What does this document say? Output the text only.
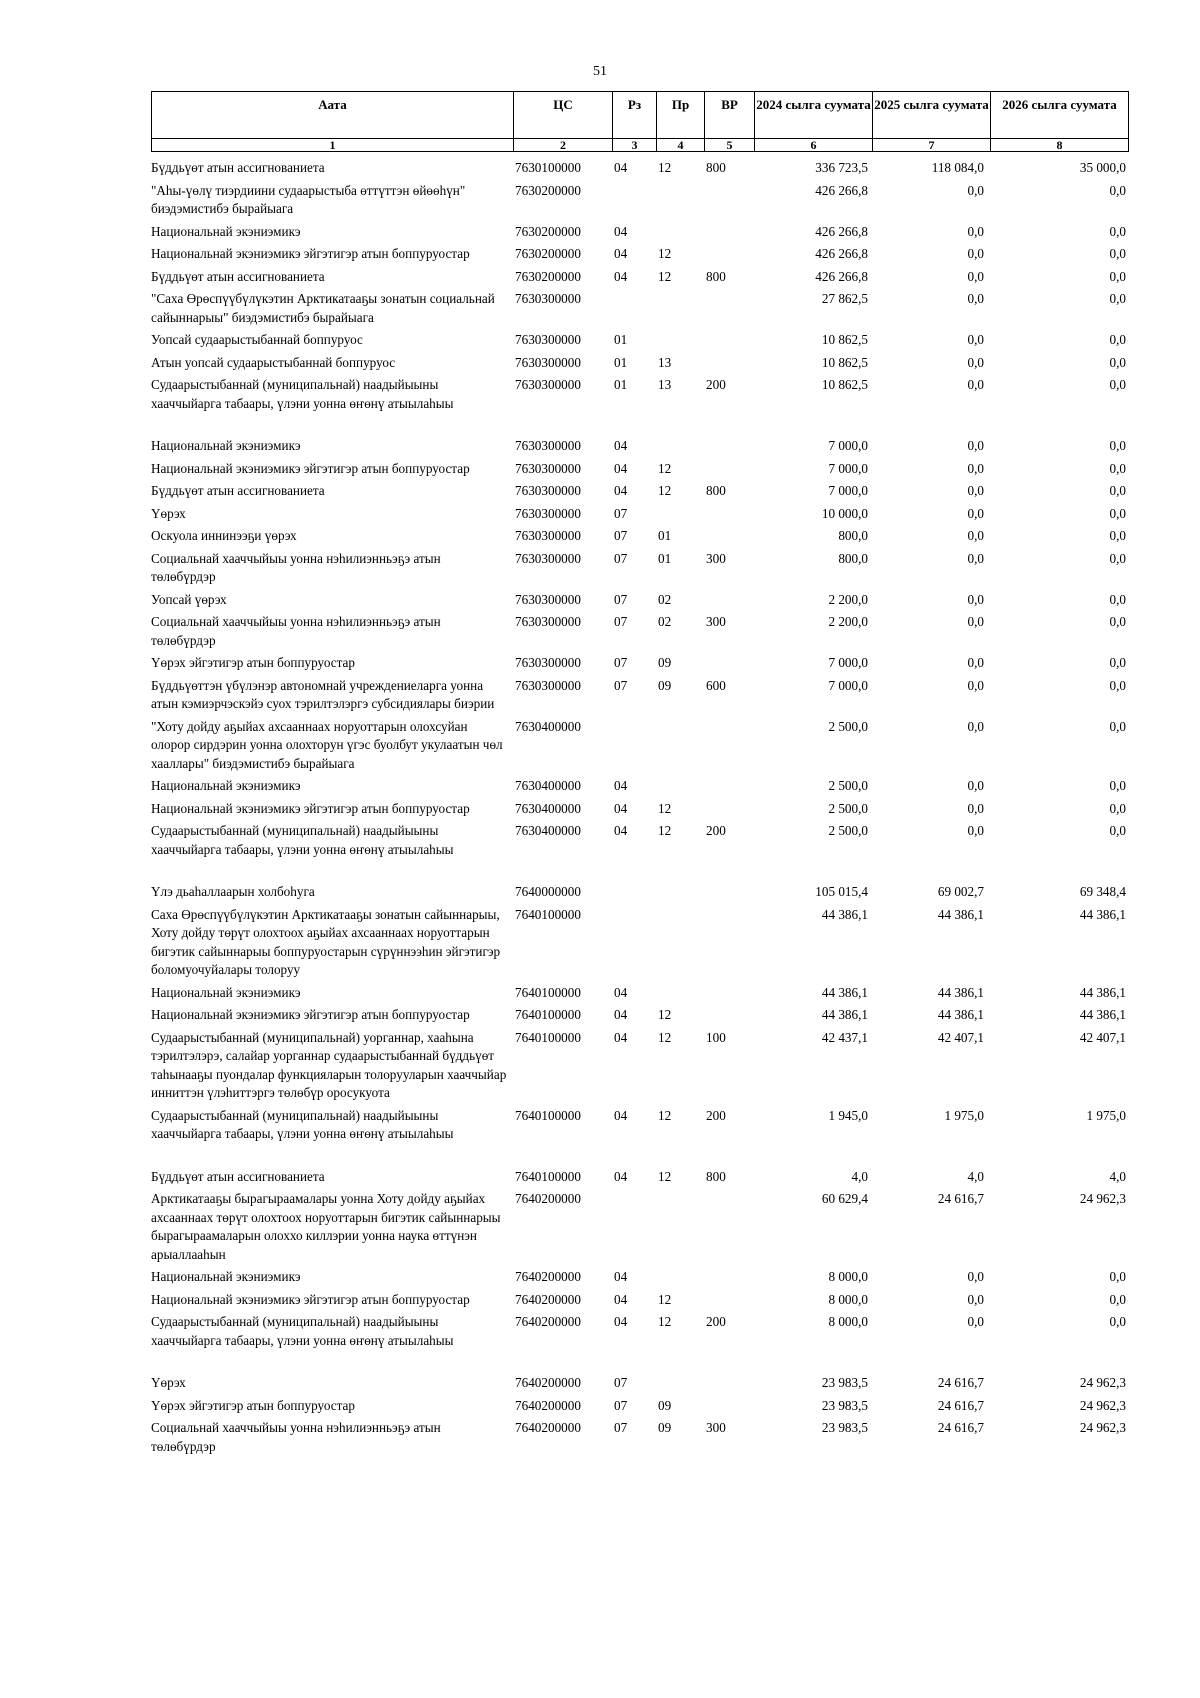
51
Аата	ЦС	Рз	Пр	ВР	2024 сылга суумата	2025 сылга суумата	2026 сылга суумата
1	2	3	4	5	6	7	8
Бүддьүөт атын ассигнованиета	7630100000	04	12	800	336 723,5	118 084,0	35 000,0
"Аһы-үөлү тиэрдиини судаарыстыба өттүттэн өйөөһүн" биэдэмистибэ бырайыага	7630200000				426 266,8	0,0	0,0
Национальнай экэниэмикэ	7630200000	04			426 266,8	0,0	0,0
Национальнай экэниэмикэ эйгэтигэр атын боппуруостар	7630200000	04	12		426 266,8	0,0	0,0
Бүддьүөт атын ассигнованиета	7630200000	04	12	800	426 266,8	0,0	0,0
"Саха Өрөспүүбүлүкэтин Арктикатааҕы зонатын социальнай сайыннарыы" биэдэмистибэ бырайыага	7630300000				27 862,5	0,0	0,0
Уопсай судаарыстыбаннай боппуруос	7630300000	01			10 862,5	0,0	0,0
Атын уопсай судаарыстыбаннай боппуруос	7630300000	01	13		10 862,5	0,0	0,0
Судаарыстыбаннай (муниципальнай) наадыйыыны хааччыйарга табаары, үлэни уонна өҥөнү атыылаһыы	7630300000	01	13	200	10 862,5	0,0	0,0
Национальнай экэниэмикэ	7630300000	04			7 000,0	0,0	0,0
Национальнай экэниэмикэ эйгэтигэр атын боппуруостар	7630300000	04	12		7 000,0	0,0	0,0
Бүддьүөт атын ассигнованиета	7630300000	04	12	800	7 000,0	0,0	0,0
Үөрэх	7630300000	07			10 000,0	0,0	0,0
Оскуола иннинээҕи үөрэх	7630300000	07	01		800,0	0,0	0,0
Социальнай хааччыйыы уонна нэһилиэнньэҕэ атын төлөбүрдэр	7630300000	07	01	300	800,0	0,0	0,0
Уопсай үөрэх	7630300000	07	02		2 200,0	0,0	0,0
Социальнай хааччыйыы уонна нэһилиэнньэҕэ атын төлөбүрдэр	7630300000	07	02	300	2 200,0	0,0	0,0
Үөрэх эйгэтигэр атын боппуруостар	7630300000	07	09		7 000,0	0,0	0,0
Бүддьүөттэн үбүлэнэр автономнай учреждениеларга уонна атын кэмиэрчэскэйэ суох тэрилтэлэргэ субсидиялары биэрии	7630300000	07	09	600	7 000,0	0,0	0,0
"Хоту дойду аҕыйах ахсааннаах норуоттарын олохсуйан олорор сирдэрин уонна олохторун үгэс буолбут укулаатын чөл хааллары" биэдэмистибэ бырайыага	7630400000				2 500,0	0,0	0,0
Национальнай экэниэмикэ	7630400000	04			2 500,0	0,0	0,0
Национальнай экэниэмикэ эйгэтигэр атын боппуруостар	7630400000	04	12		2 500,0	0,0	0,0
Судаарыстыбаннай (муниципальнай) наадыйыыны хааччыйарга табаары, үлэни уонна өҥөнү атыылаһыы	7630400000	04	12	200	2 500,0	0,0	0,0
Үлэ дьаһаллаарын холбоһуга	7640000000				105 015,4	69 002,7	69 348,4
Саха Өрөспүүбүлүкэтин Арктикатааҕы зонатын сайыннарыы, Хоту дойду төрүт олохтоох аҕыйах ахсааннаах норуоттарын бигэтик сайыннарыы боппуруостарын сүрүннээһин эйгэтигэр боломуочуйалары толоруу	7640100000				44 386,1	44 386,1	44 386,1
Национальнай экэниэмикэ	7640100000	04			44 386,1	44 386,1	44 386,1
Национальнай экэниэмикэ эйгэтигэр атын боппуруостар	7640100000	04	12		44 386,1	44 386,1	44 386,1
Судаарыстыбаннай (муниципальнай) уорганнар, хааһына тэрилтэлэрэ, салайар уорганнар судаарыстыбаннай бүддьүөт таһынааҕы пуондалар функцияларын толорууларын хааччыйар инниттэн үлэһиттэргэ төлөбүр оросукуота	7640100000	04	12	100	42 437,1	42 407,1	42 407,1
Судаарыстыбаннай (муниципальнай) наадыйыыны хааччыйарга табаары, үлэни уонна өҥөнү атыылаһыы	7640100000	04	12	200	1 945,0	1 975,0	1 975,0
Бүддьүөт атын ассигнованиета	7640100000	04	12	800	4,0	4,0	4,0
Арктикатааҕы бырагыраамалары уонна Хоту дойду аҕыйах ахсааннаах төрүт олохтоох норуоттарын бигэтик сайыннарыы бырагыраамаларын олоххо киллэрии уонна наука өттүнэн арыаллааһын	7640200000				60 629,4	24 616,7	24 962,3
Национальнай экэниэмикэ	7640200000	04			8 000,0	0,0	0,0
Национальнай экэниэмикэ эйгэтигэр атын боппуруостар	7640200000	04	12		8 000,0	0,0	0,0
Судаарыстыбаннай (муниципальнай) наадыйыыны хааччыйарга табаары, үлэни уонна өҥөнү атыылаһыы	7640200000	04	12	200	8 000,0	0,0	0,0
Үөрэх	7640200000	07			23 983,5	24 616,7	24 962,3
Үөрэх эйгэтигэр атын боппуруостар	7640200000	07	09		23 983,5	24 616,7	24 962,3
Социальнай хааччыйыы уонна нэһилиэнньэҕэ атын төлөбүрдэр	7640200000	07	09	300	23 983,5	24 616,7	24 962,3
